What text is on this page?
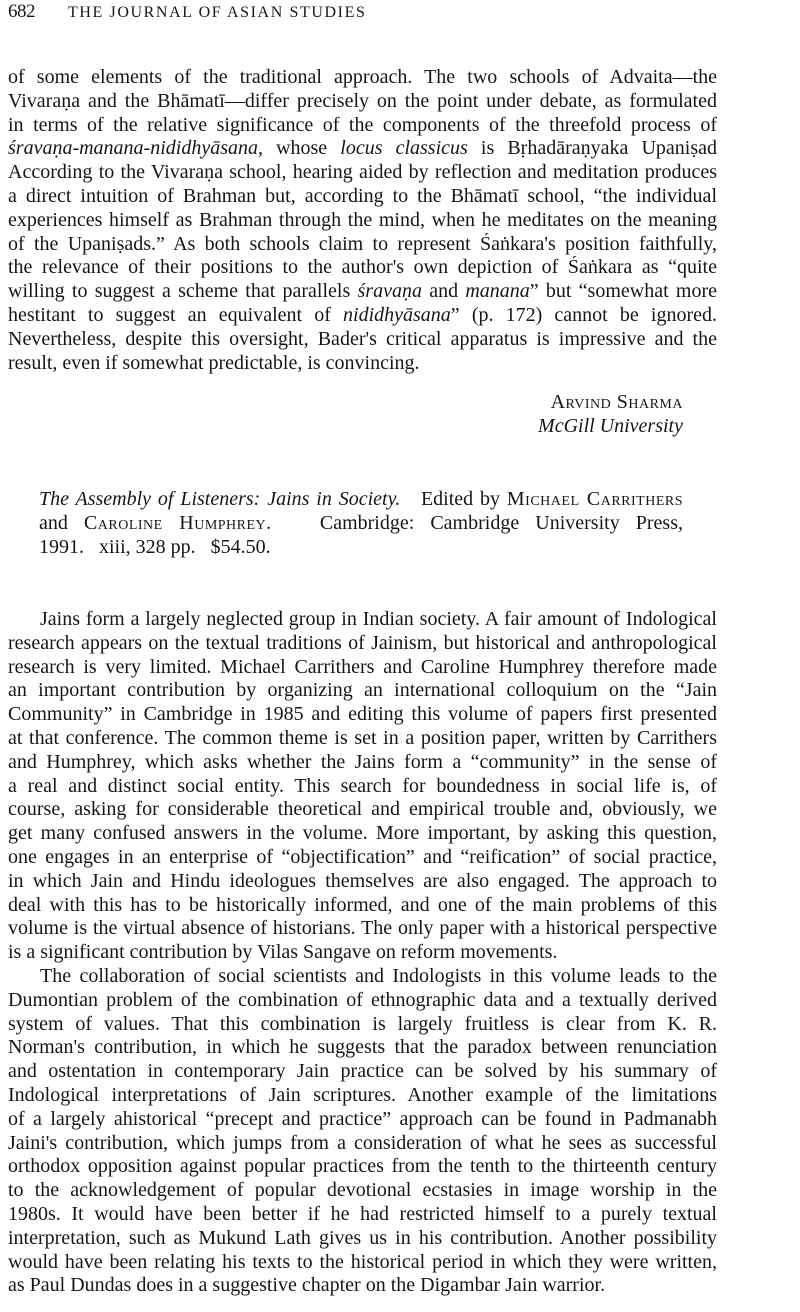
682 THE JOURNAL OF ASIAN STUDIES
of some elements of the traditional approach. The two schools of Advaita—the
Vivaraṇa and the Bhāmatī—differ precisely on the point under debate, as formulated
in terms of the relative significance of the components of the threefold process of
śravaṇa-manana-nididhyāsana, whose locus classicus is Bṛhadāraṇyaka Upaniṣad
According to the Vivaraṇa school, hearing aided by reflection and meditation produces
a direct intuition of Brahman but, according to the Bhāmatī school, “the individual
experiences himself as Brahman through the mind, when he meditates on the meaning
of the Upaniṣads.” As both schools claim to represent Śaṅkara's position faithfully,
the relevance of their positions to the author's own depiction of Śaṅkara as “quite
willing to suggest a scheme that parallels śravaṇa and manana” but “somewhat more
hestitant to suggest an equivalent of nididhyāsana” (p. 172) cannot be ignored.
Nevertheless, despite this oversight, Bader's critical apparatus is impressive and the
result, even if somewhat predictable, is convincing.
Arvind Sharma
McGill University
The Assembly of Listeners: Jains in Society.   Edited by Michael Carrithers
and Caroline Humphrey.   Cambridge: Cambridge University Press,
1991.   xiii, 328 pp.   $54.50.
Jains form a largely neglected group in Indian society. A fair amount of Indological
research appears on the textual traditions of Jainism, but historical and anthropological
research is very limited. Michael Carrithers and Caroline Humphrey therefore made
an important contribution by organizing an international colloquium on the “Jain
Community” in Cambridge in 1985 and editing this volume of papers first presented
at that conference. The common theme is set in a position paper, written by Carrithers
and Humphrey, which asks whether the Jains form a “community” in the sense of
a real and distinct social entity. This search for boundedness in social life is, of
course, asking for considerable theoretical and empirical trouble and, obviously, we
get many confused answers in the volume. More important, by asking this question,
one engages in an enterprise of “objectification” and “reification” of social practice,
in which Jain and Hindu ideologues themselves are also engaged. The approach to
deal with this has to be historically informed, and one of the main problems of this
volume is the virtual absence of historians. The only paper with a historical perspective
is a significant contribution by Vilas Sangave on reform movements.
The collaboration of social scientists and Indologists in this volume leads to the
Dumontian problem of the combination of ethnographic data and a textually derived
system of values. That this combination is largely fruitless is clear from K. R.
Norman's contribution, in which he suggests that the paradox between renunciation
and ostentation in contemporary Jain practice can be solved by his summary of
Indological interpretations of Jain scriptures. Another example of the limitations
of a largely ahistorical “precept and practice” approach can be found in Padmanabh
Jaini's contribution, which jumps from a consideration of what he sees as successful
orthodox opposition against popular practices from the tenth to the thirteenth century
to the acknowledgement of popular devotional ecstasies in image worship in the
1980s. It would have been better if he had restricted himself to a purely textual
interpretation, such as Mukund Lath gives us in his contribution. Another possibility
would have been relating his texts to the historical period in which they were written,
as Paul Dundas does in a suggestive chapter on the Digambar Jain warrior.
